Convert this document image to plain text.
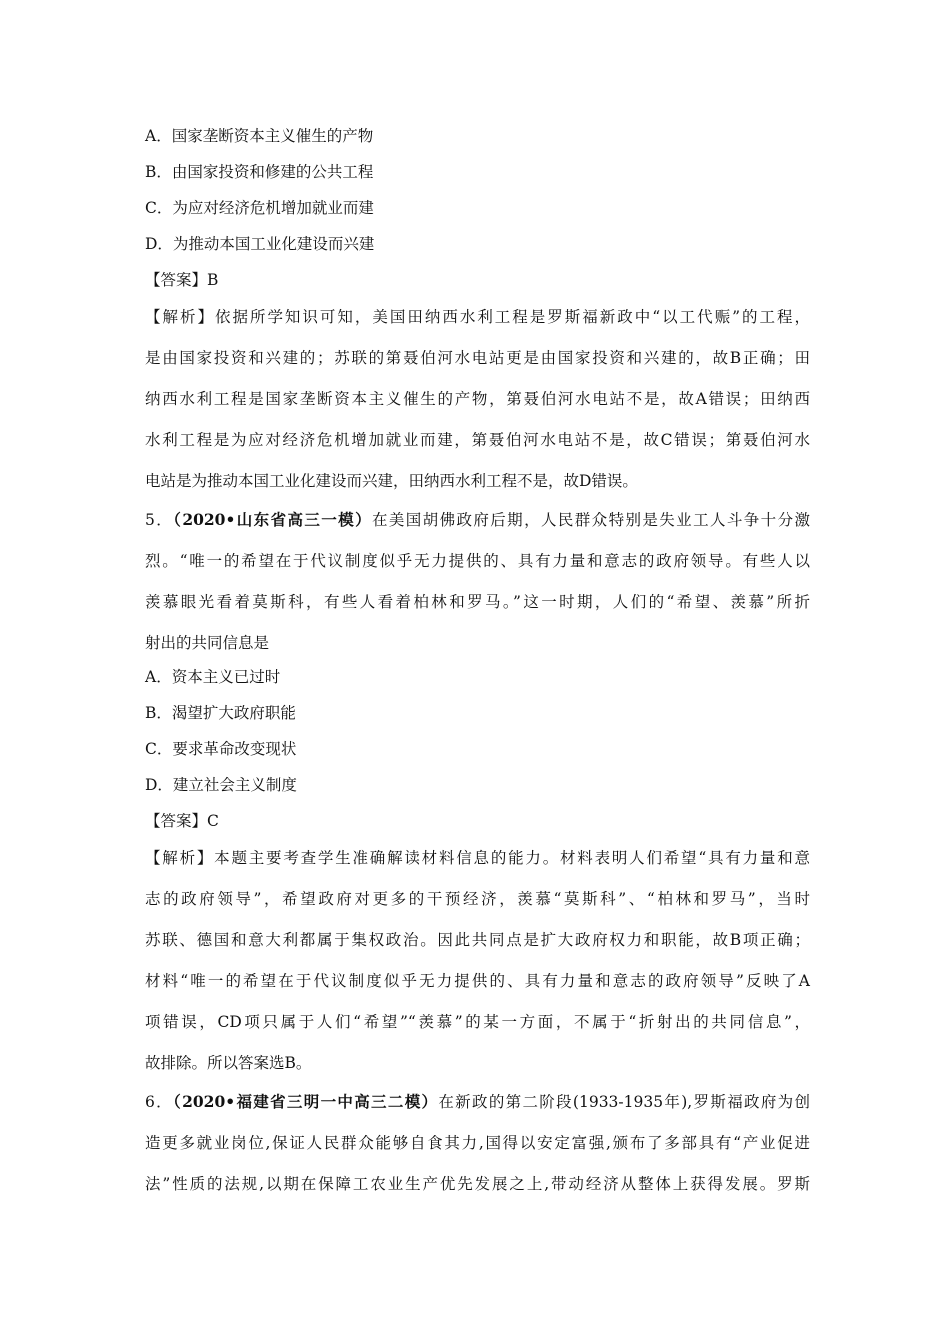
A．国家垄断资本主义催生的产物
B．由国家投资和修建的公共工程
C．为应对经济危机增加就业而建
D．为推动本国工业化建设而兴建
【答案】B
【解析】依据所学知识可知，美国田纳西水利工程是罗斯福新政中“以工代赈”的工程，
是由国家投资和兴建的；苏联的第聂伯河水电站更是由国家投资和兴建的，故B正确；田
纳西水利工程是国家垄断资本主义催生的产物，第聂伯河水电站不是，故A错误；田纳西
水利工程是为应对经济危机增加就业而建，第聂伯河水电站不是，故C错误；第聂伯河水
电站是为推动本国工业化建设而兴建，田纳西水利工程不是，故D错误。
5．（2020•山东省高三一模）在美国胡佛政府后期，人民群众特别是失业工人斗争十分激
烈。“唯一的希望在于代议制度似乎无力提供的、具有力量和意志的政府领导。有些人以
羡慕眼光看着莫斯科，有些人看着柏林和罗马。”这一时期，人们的“希望、羡慕”所折
射出的共同信息是
A．资本主义已过时
B．渴望扩大政府职能
C．要求革命改变现状
D．建立社会主义制度
【答案】C
【解析】本题主要考查学生准确解读材料信息的能力。材料表明人们希望“具有力量和意
志的政府领导”，希望政府对更多的干预经济，羡慕“莫斯科”、“柏林和罗马”，当时
苏联、德国和意大利都属于集权政治。因此共同点是扩大政府权力和职能，故B项正确；
材料“唯一的希望在于代议制度似乎无力提供的、具有力量和意志的政府领导”反映了A
项错误，CD项只属于人们“希望”“羡慕”的某一方面，不属于“折射出的共同信息”，
故排除。所以答案选B。
6．（2020•福建省三明一中高三二模）在新政的第二阶段(1933-1935年),罗斯福政府为创
造更多就业岗位,保证人民群众能够自食其力,国得以安定富强,颁布了多部具有“产业促进
法”性质的法规,以期在保障工农业生产优先发展之上,带动经济从整体上获得发展。罗斯
